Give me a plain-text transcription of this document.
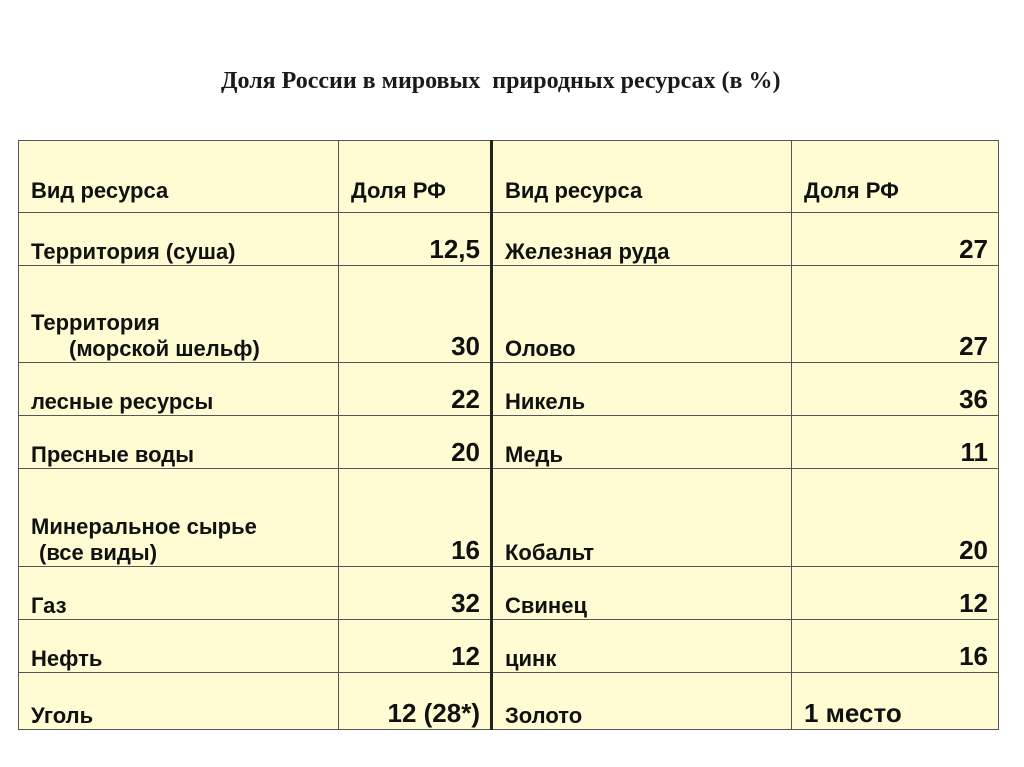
Доля России в мировых  природных ресурсах (в %)
Вид ресурса	Доля РФ	Вид ресурса	Доля РФ
Территория (суша)	12,5	Железная руда	27

Территория
(морской шельф)	30	Олово	27
лесные ресурсы	22	Никель	36
Пресные воды	20	Медь	11

Минеральное сырье
(все виды)	16	Кобальт	20
Газ	32	Свинец	12
Нефть	12	цинк	16
Уголь	12 (28*)	Золото	1 место
